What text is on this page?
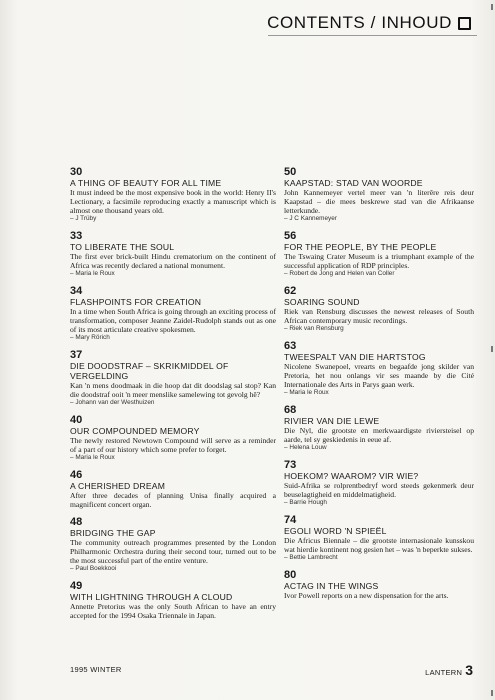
CONTENTS / INHOUD
30
A THING OF BEAUTY FOR ALL TIME
It must indeed be the most expensive book in the world: Henry II's Lectionary, a facsimile reproducing exactly a manuscript which is almost one thousand years old.
– J Trüby
33
TO LIBERATE THE SOUL
The first ever brick-built Hindu crematorium on the continent of Africa was recently declared a national monument.
– Maria le Roux
34
FLASHPOINTS FOR CREATION
In a time when South Africa is going through an exciting process of transformation, composer Jeanne Zaidel-Rudolph stands out as one of its most articulate creative spokesmen.
– Mary Rörich
37
DIE DOODSTRAF – SKRIKMIDDEL OF VERGELDING
Kan 'n mens doodmaak in die hoop dat dit doodslag sal stop? Kan die doodstraf ooit 'n meer menslike samelewing tot gevolg hê?
– Johann van der Westhuizen
40
OUR COMPOUNDED MEMORY
The newly restored Newtown Compound will serve as a reminder of a part of our history which some prefer to forget.
– Maria le Roux
46
A CHERISHED DREAM
After three decades of planning Unisa finally acquired a magnificent concert organ.
48
BRIDGING THE GAP
The community outreach programmes presented by the London Philharmonic Orchestra during their second tour, turned out to be the most successful part of the entire venture.
– Paul Boekkooi
49
WITH LIGHTNING THROUGH A CLOUD
Annette Pretorius was the only South African to have an entry accepted for the 1994 Osaka Triennale in Japan.
50
KAAPSTAD: STAD VAN WOORDE
John Kannemeyer vertel meer van 'n literêre reis deur Kaapstad – die mees beskrewe stad van die Afrikaanse letterkunde.
– J C Kannemeyer
56
FOR THE PEOPLE, BY THE PEOPLE
The Tswaing Crater Museum is a triumphant example of the successful application of RDP principles.
– Robert de Jong and Helen van Coller
62
SOARING SOUND
Riek van Rensburg discusses the newest releases of South African contemporary music recordings.
– Riek van Rensburg
63
TWEESPALT VAN DIE HARTSTOG
Nicolene Swanepoel, vrearts en begaafde jong skilder van Pretoria, het nou onlangs vir ses maande by die Cité Internationale des Arts in Parys gaan werk.
– Maria le Roux
68
RIVIER VAN DIE LEWE
Die Nyl, die grootste en merkwaardigste riviersteisel op aarde, tel sy geskiedenis in eeue af.
– Helena Louw
73
HOEKOM? WAAROM? VIR WIE?
Suid-Afrika se rolprentbedryf word steeds gekenmerk deur beuselagtigheid en middelmatigheid.
– Barrie Hough
74
EGOLI WORD 'N SPIEËL
Die Africus Biennale – die grootste internasionale kunsskou wat hierdie kontinent nog gesien het – was 'n beperkte sukses.
– Bettie Lambrecht
80
ACTAG IN THE WINGS
Ivor Powell reports on a new dispensation for the arts.
1995 WINTER	LANTERN 3
